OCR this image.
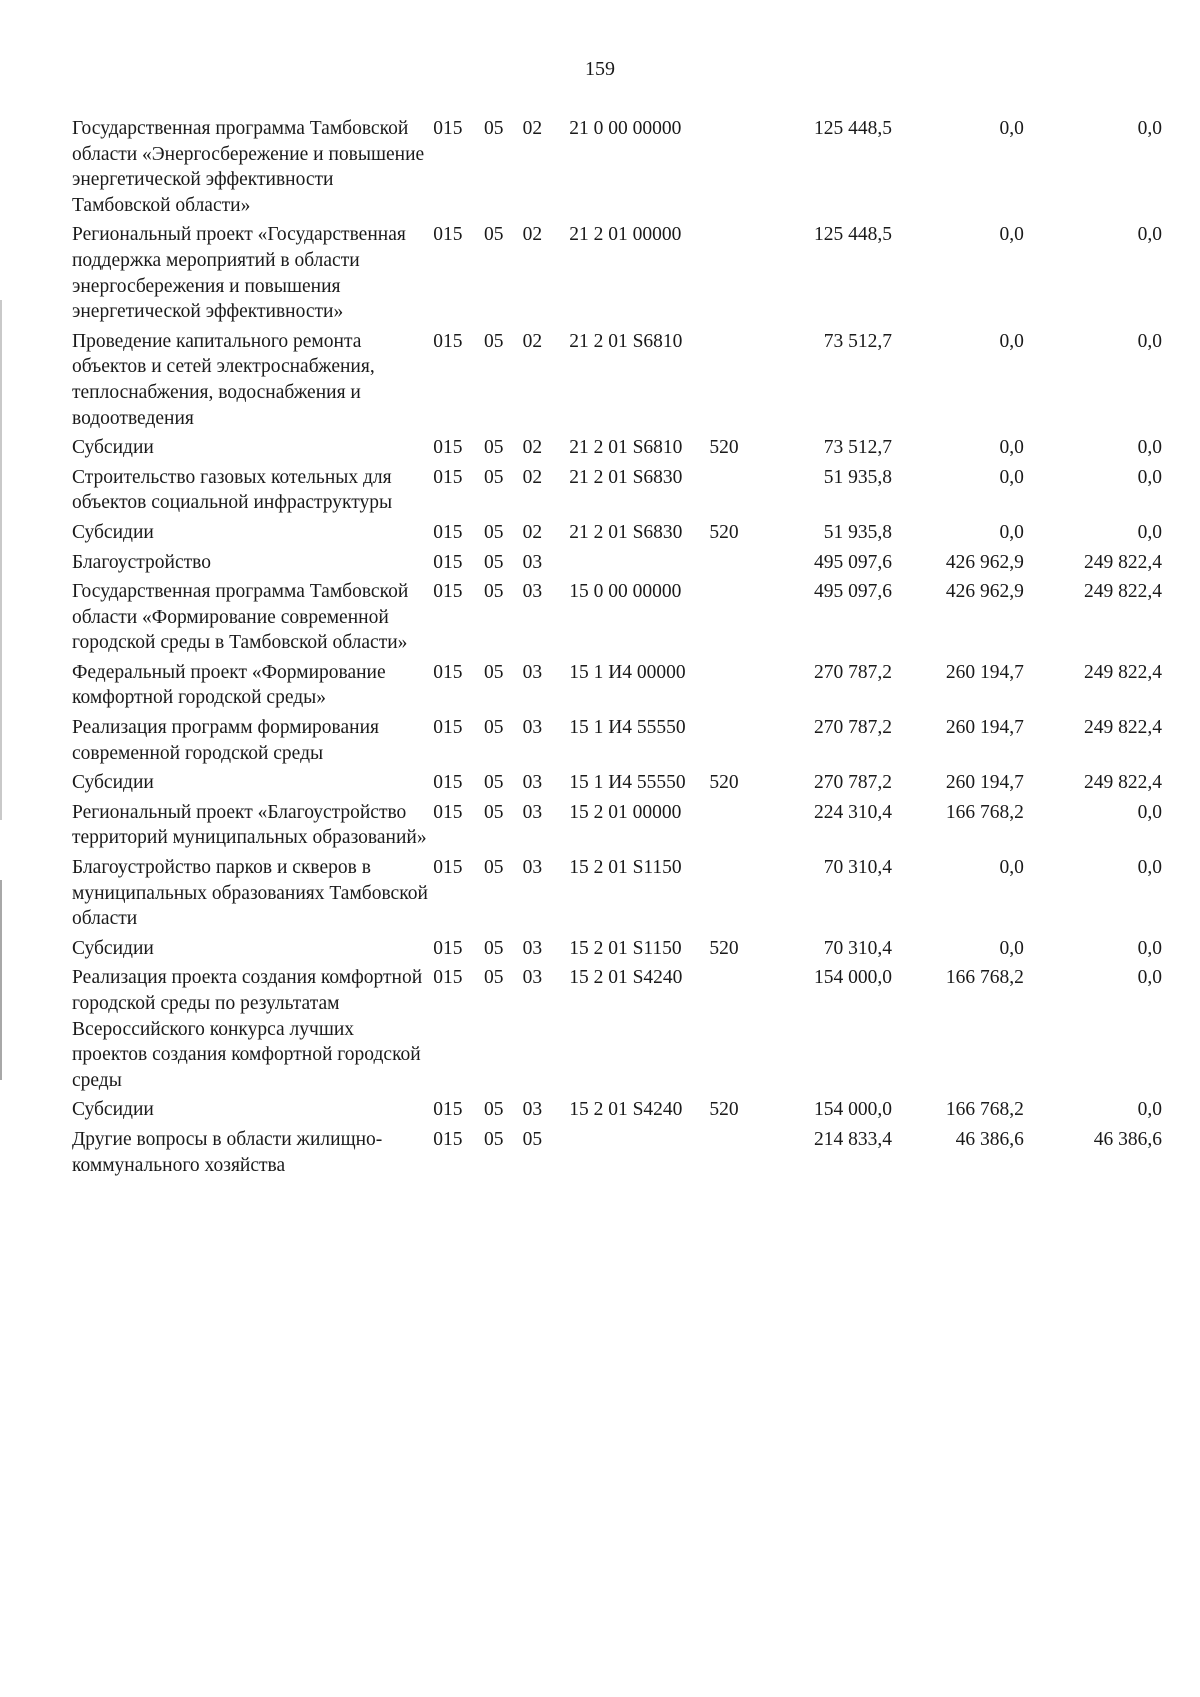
159
Государственная программа Тамбовской области «Энергосбережение и повышение энергетической эффективности Тамбовской области»	015	05	02	21 0 00 00000		125 448,5	0,0	0,0
Региональный проект «Государственная поддержка мероприятий в области энергосбережения и повышения энергетической эффективности»	015	05	02	21 2 01 00000		125 448,5	0,0	0,0
Проведение капитального ремонта объектов и сетей электроснабжения, теплоснабжения, водоснабжения и водоотведения	015	05	02	21 2 01 S6810		73 512,7	0,0	0,0
Субсидии	015	05	02	21 2 01 S6810	520	73 512,7	0,0	0,0
Строительство газовых котельных для объектов социальной инфраструктуры	015	05	02	21 2 01 S6830		51 935,8	0,0	0,0
Субсидии	015	05	02	21 2 01 S6830	520	51 935,8	0,0	0,0
Благоустройство	015	05	03			495 097,6	426 962,9	249 822,4
Государственная программа Тамбовской области «Формирование современной городской среды в Тамбовской области»	015	05	03	15 0 00 00000		495 097,6	426 962,9	249 822,4
Федеральный проект «Формирование комфортной городской среды»	015	05	03	15 1 И4 00000		270 787,2	260 194,7	249 822,4
Реализация программ формирования современной городской среды	015	05	03	15 1 И4 55550		270 787,2	260 194,7	249 822,4
Субсидии	015	05	03	15 1 И4 55550	520	270 787,2	260 194,7	249 822,4
Региональный проект «Благоустройство территорий муниципальных образований»	015	05	03	15 2 01 00000		224 310,4	166 768,2	0,0
Благоустройство парков и скверов в муниципальных образованиях Тамбовской области	015	05	03	15 2 01 S1150		70 310,4	0,0	0,0
Субсидии	015	05	03	15 2 01 S1150	520	70 310,4	0,0	0,0
Реализация проекта создания комфортной городской среды по результатам Всероссийского конкурса лучших проектов создания комфортной городской среды	015	05	03	15 2 01 S4240		154 000,0	166 768,2	0,0
Субсидии	015	05	03	15 2 01 S4240	520	154 000,0	166 768,2	0,0
Другие вопросы в области жилищно-коммунального хозяйства	015	05	05			214 833,4	46 386,6	46 386,6
